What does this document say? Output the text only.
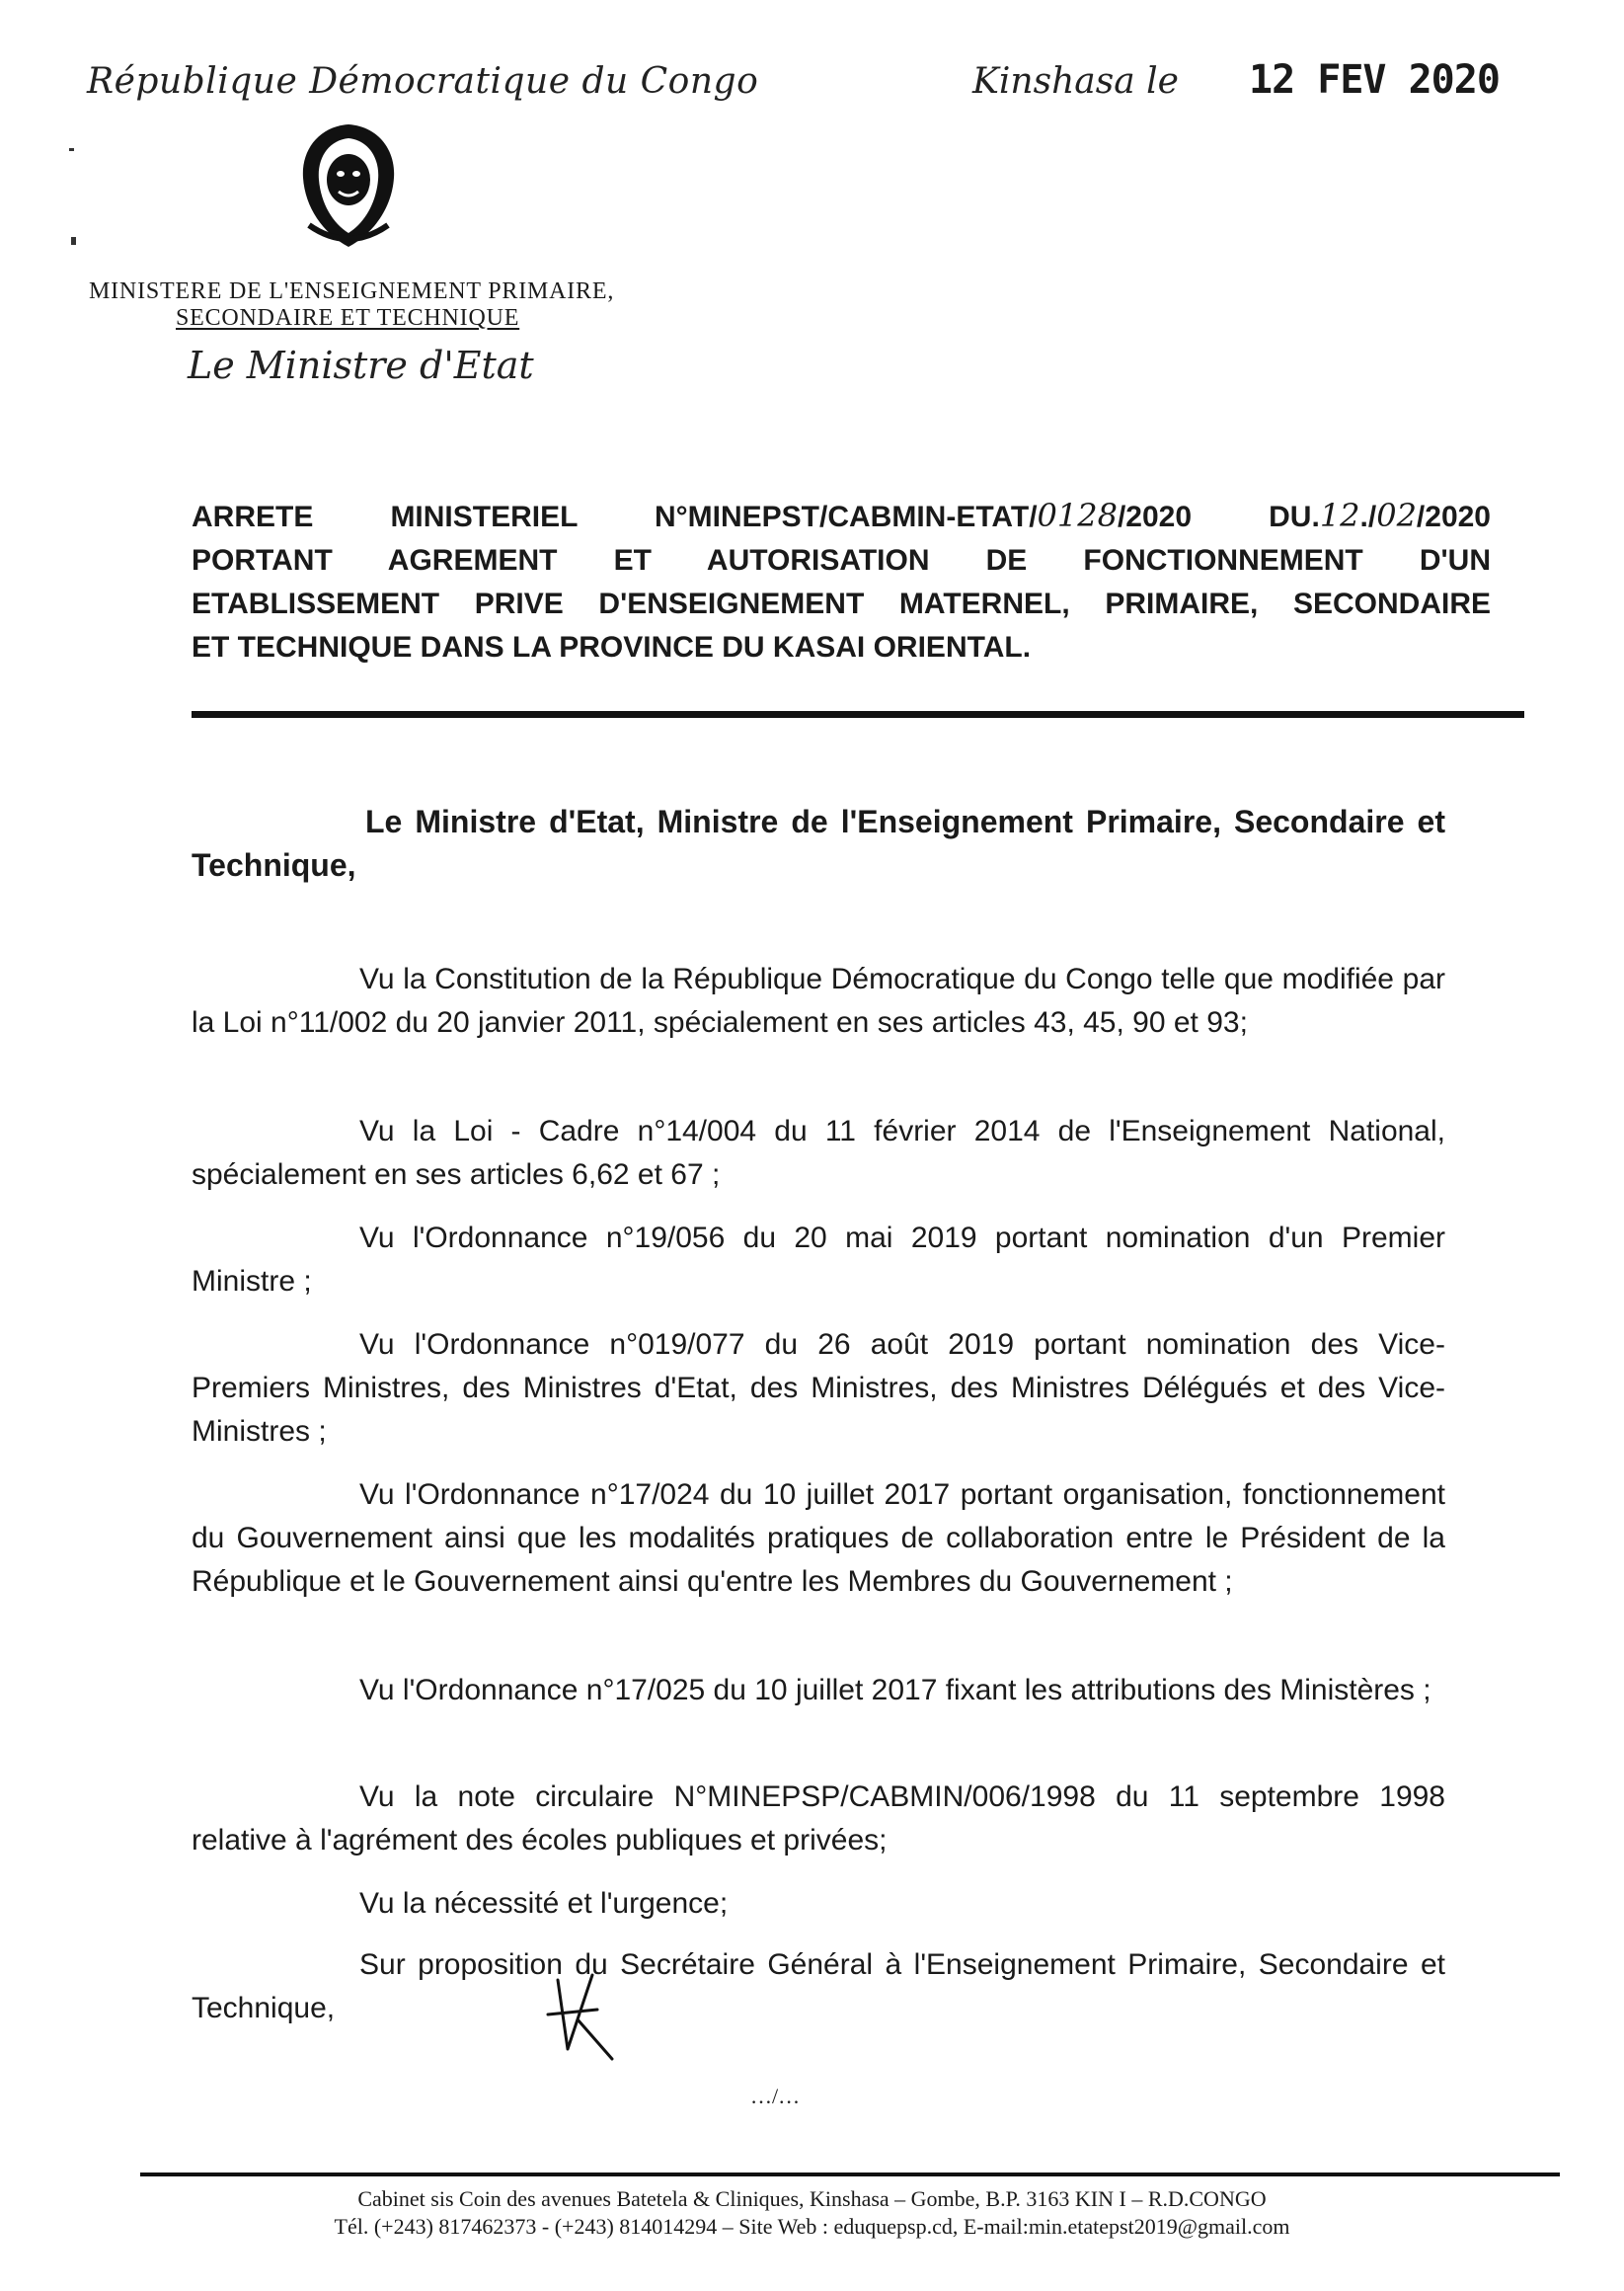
République Démocratique du Congo	Kinshasa le 12 FEV 2020
MINISTERE DE L'ENSEIGNEMENT PRIMAIRE,
SECONDAIRE ET TECHNIQUE
Le Ministre d'Etat
ARRETE MINISTERIEL N°MINEPST/CABMIN-ETAT/0128/2020 DU.12./02/2020
PORTANT AGREMENT ET AUTORISATION DE FONCTIONNEMENT D'UN
ETABLISSEMENT PRIVE D'ENSEIGNEMENT MATERNEL, PRIMAIRE, SECONDAIRE
ET TECHNIQUE DANS LA PROVINCE DU KASAI ORIENTAL.
Le Ministre d'Etat, Ministre de l'Enseignement Primaire, Secondaire et Technique,
Vu la Constitution de la République Démocratique du Congo telle que modifiée par la Loi n°11/002 du 20 janvier 2011, spécialement en ses articles 43, 45, 90 et 93;
Vu la Loi - Cadre n°14/004 du 11 février 2014 de l'Enseignement National, spécialement en ses articles 6,62 et 67 ;
Vu l'Ordonnance n°19/056 du 20 mai 2019 portant nomination d'un Premier Ministre ;
Vu l'Ordonnance n°019/077 du 26 août 2019 portant nomination des Vice-Premiers Ministres, des Ministres d'Etat, des Ministres, des Ministres Délégués et des Vice-Ministres ;
Vu l'Ordonnance n°17/024 du 10 juillet 2017 portant organisation, fonctionnement du Gouvernement ainsi que les modalités pratiques de collaboration entre le Président de la République et le Gouvernement ainsi qu'entre les Membres du Gouvernement ;
Vu l'Ordonnance n°17/025 du 10 juillet 2017 fixant les attributions des Ministères ;
Vu la note circulaire N°MINEPSP/CABMIN/006/1998 du 11 septembre 1998 relative à l'agrément des écoles publiques et privées;
Vu la nécessité et l'urgence;
Sur proposition du Secrétaire Général à l'Enseignement Primaire, Secondaire et Technique,
…/…
Cabinet sis Coin des avenues Batetela & Cliniques, Kinshasa – Gombe, B.P. 3163 KIN I – R.D.CONGO
Tél. (+243) 817462373 - (+243) 814014294 – Site Web : eduquepsp.cd, E-mail:min.etatepst2019@gmail.com
